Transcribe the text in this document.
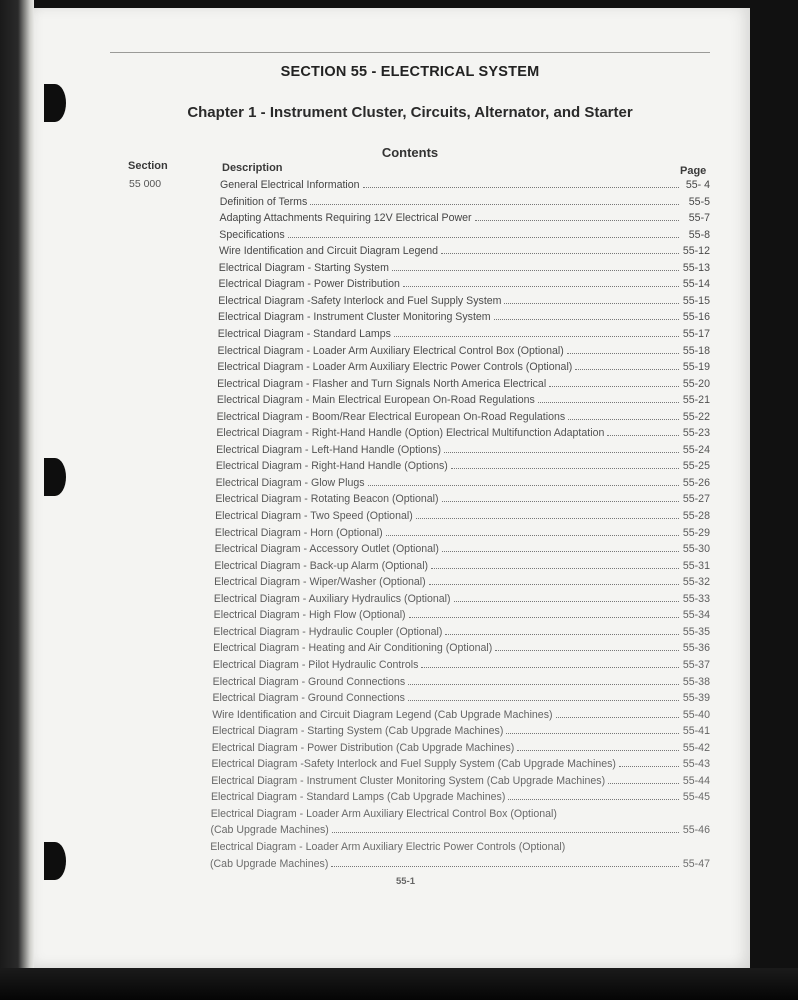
SECTION 55 - ELECTRICAL SYSTEM
Chapter 1 - Instrument Cluster, Circuits, Alternator, and Starter
Contents
Section	Description	Page
55 000	General Electrical Information	55- 4
Definition of Terms	55-5
Adapting Attachments Requiring 12V Electrical Power	55-7
Specifications	55-8
Wire Identification and Circuit Diagram Legend	55-12
Electrical Diagram - Starting System	55-13
Electrical Diagram - Power Distribution	55-14
Electrical Diagram -Safety Interlock and Fuel Supply System	55-15
Electrical Diagram - Instrument Cluster Monitoring System	55-16
Electrical Diagram - Standard Lamps	55-17
Electrical Diagram - Loader Arm Auxiliary Electrical Control Box (Optional)	55-18
Electrical Diagram - Loader Arm Auxiliary Electric Power Controls (Optional)	55-19
Electrical Diagram - Flasher and Turn Signals North America Electrical	55-20
Electrical Diagram - Main Electrical European On-Road Regulations	55-21
Electrical Diagram - Boom/Rear Electrical European On-Road Regulations	55-22
Electrical Diagram - Right-Hand Handle (Option) Electrical Multifunction Adaptation	55-23
Electrical Diagram - Left-Hand Handle (Options)	55-24
Electrical Diagram - Right-Hand Handle (Options)	55-25
Electrical Diagram - Glow Plugs	55-26
Electrical Diagram - Rotating Beacon (Optional)	55-27
Electrical Diagram - Two Speed (Optional)	55-28
Electrical Diagram - Horn (Optional)	55-29
Electrical Diagram - Accessory Outlet (Optional)	55-30
Electrical Diagram - Back-up Alarm (Optional)	55-31
Electrical Diagram - Wiper/Washer (Optional)	55-32
Electrical Diagram - Auxiliary Hydraulics (Optional)	55-33
Electrical Diagram - High Flow (Optional)	55-34
Electrical Diagram - Hydraulic Coupler (Optional)	55-35
Electrical Diagram - Heating and Air Conditioning (Optional)	55-36
Electrical Diagram - Pilot Hydraulic Controls	55-37
Electrical Diagram - Ground Connections	55-38
Electrical Diagram - Ground Connections	55-39
Wire Identification and Circuit Diagram Legend (Cab Upgrade Machines)	55-40
Electrical Diagram - Starting System (Cab Upgrade Machines)	55-41
Electrical Diagram - Power Distribution (Cab Upgrade Machines)	55-42
Electrical Diagram -Safety Interlock and Fuel Supply System (Cab Upgrade Machines)	55-43
Electrical Diagram - Instrument Cluster Monitoring System (Cab Upgrade Machines)	55-44
Electrical Diagram - Standard Lamps (Cab Upgrade Machines)	55-45
Electrical Diagram - Loader Arm Auxiliary Electrical Control Box (Optional)
(Cab Upgrade Machines)	55-46
Electrical Diagram - Loader Arm Auxiliary Electric Power Controls (Optional)
(Cab Upgrade Machines)	55-47
55-1
